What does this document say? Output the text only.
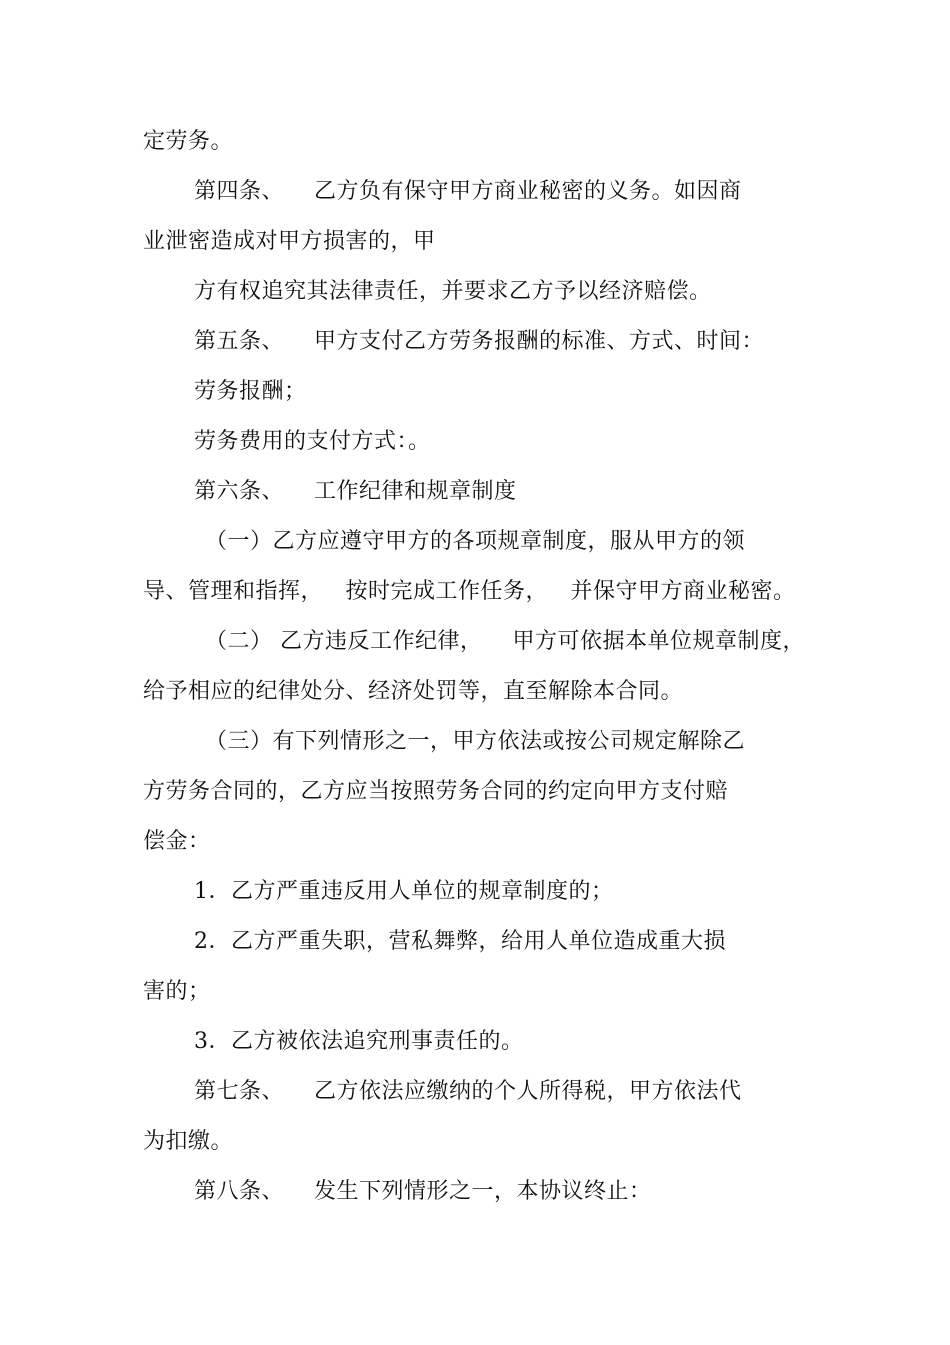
定劳务。
第四条、    乙方负有保守甲方商业秘密的义务。如因商
业泄密造成对甲方损害的，甲
方有权追究其法律责任，并要求乙方予以经济赔偿。
第五条、    甲方支付乙方劳务报酬的标准、方式、时间：
劳务报酬；
劳务费用的支付方式：。
第六条、    工作纪律和规章制度
（一）乙方应遵守甲方的各项规章制度，服从甲方的领
导、管理和指挥，   按时完成工作任务，   并保守甲方商业秘密。
（二） 乙方违反工作纪律，    甲方可依据本单位规章制度，
给予相应的纪律处分、经济处罚等，直至解除本合同。
（三）有下列情形之一，甲方依法或按公司规定解除乙
方劳务合同的，乙方应当按照劳务合同的约定向甲方支付赔
偿金：
1．乙方严重违反用人单位的规章制度的；
2．乙方严重失职，营私舞弊，给用人单位造成重大损
害的；
3．乙方被依法追究刑事责任的。
第七条、    乙方依法应缴纳的个人所得税，甲方依法代
为扣缴。
第八条、    发生下列情形之一，本协议终止：
